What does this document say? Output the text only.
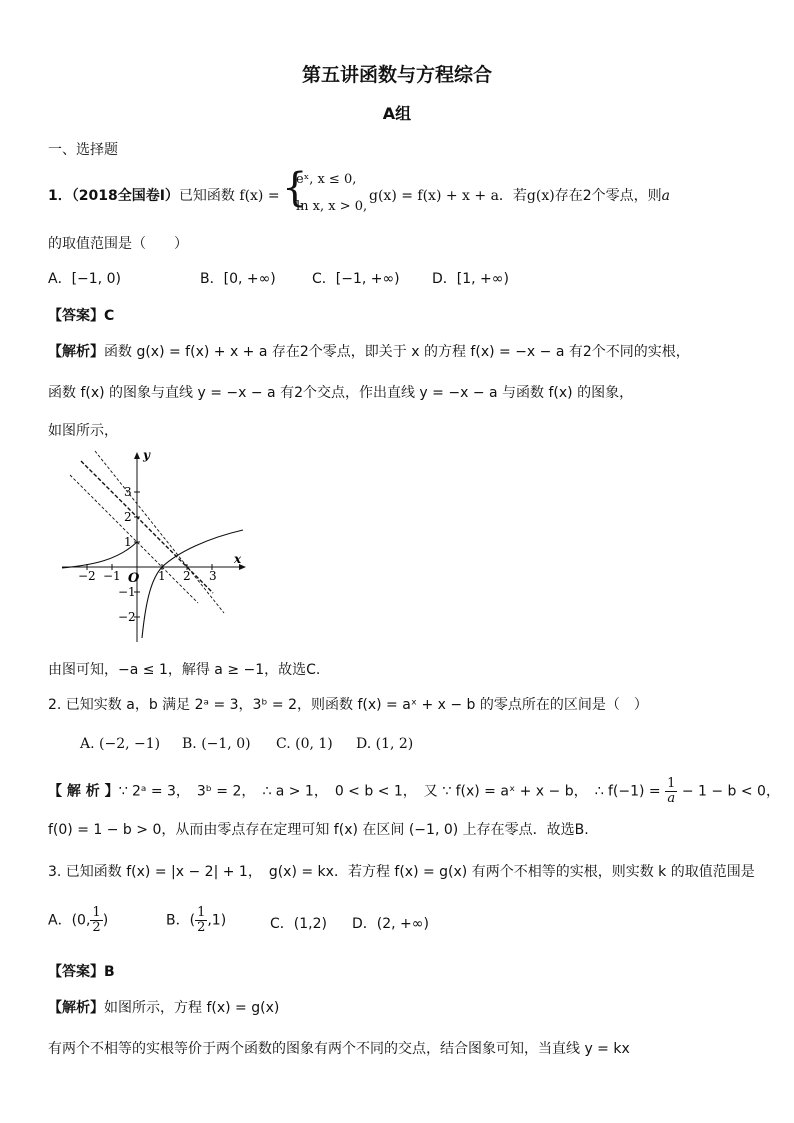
第五讲函数与方程综合
A组
一、选择题
1．（2018全国卷Ⅰ）已知函数 f(x) = {
eˣ, x ≤ 0,
ln x, x > 0,
g(x) = f(x) + x + a．若g(x)存在2个零点，则a
的取值范围是（　　）
A．[−1, 0)	B．[0, +∞)	C．[−1, +∞) D．[1, +∞)
【答案】C
【解析】函数 g(x) = f(x) + x + a 存在2个零点，即关于 x 的方程 f(x) = −x − a 有2个不同的实根，
函数 f(x) 的图象与直线 y = −x − a 有2个交点，作出直线 y = −x − a 与函数 f(x) 的图象，
如图所示，
y
x
O
−2 −1	1 2 3
3
2
1
−1
−2
由图可知，−a ≤ 1，解得 a ≥ −1，故选C.
2. 已知实数 a，b 满足 2ᵃ = 3，3ᵇ = 2，则函数 f(x) = aˣ + x − b 的零点所在的区间是（　）
A. (−2, −1) B. (−1, 0) C. (0, 1) D. (1, 2)
【 解 析 】∵ 2ᵃ = 3，　3ᵇ = 2，　∴ a > 1，　0 < b < 1，　又 ∵ f(x) = aˣ + x − b，　∴ $f(-1) = \frac{1}{a} - 1 - b < 0$，
f(0) = 1 − b > 0，从而由零点存在定理可知 f(x) 在区间 (−1, 0) 上存在零点．故选B.
3. 已知函数 f(x) = |x − 2| + 1，　g(x) = kx．若方程 f(x) = g(x) 有两个不相等的实根，则实数 k 的取值范围是
A．(0, $\frac{1}{2}$ )	B．( $\frac{1}{2} ,1$)	C．(1,2) D．(2, +∞)
【答案】B
【解析】如图所示，方程 f(x) = g(x)
有两个不相等的实根等价于两个函数的图象有两个不同的交点，结合图象可知，当直线 y = kx
